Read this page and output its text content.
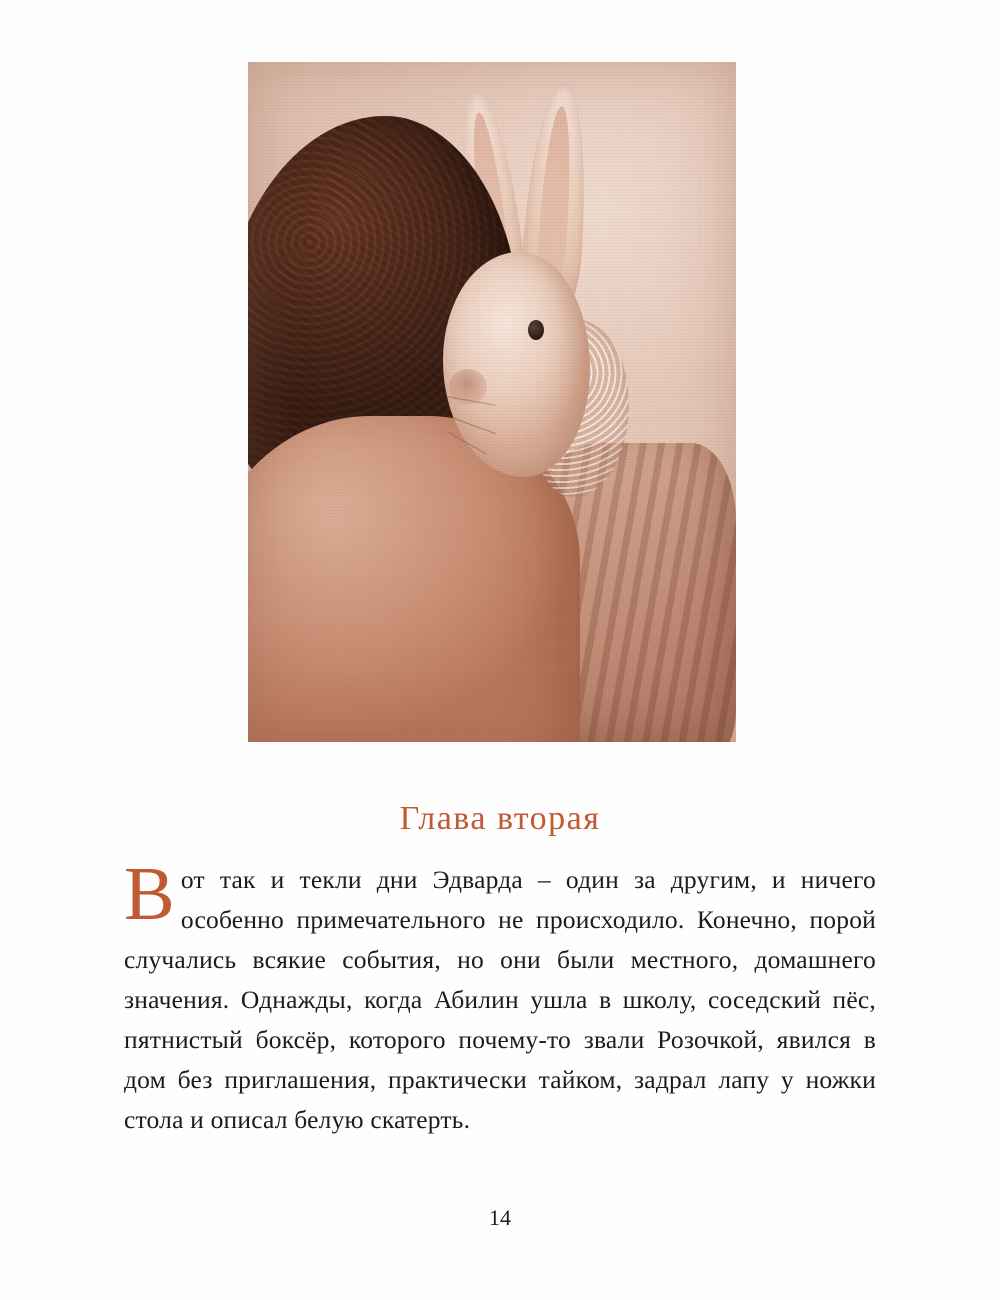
Глава вторая
Вот так и текли дни Эдварда – один за другим, и ничего особенно примечательного не происходило. Конечно, порой случались всякие события, но они были местного, домашнего значения. Однажды, когда Абилин ушла в школу, соседский пёс, пятнистый боксёр, которого почему-то звали Розочкой, явился в дом без приглашения, практически тайком, задрал лапу у ножки стола и описал белую скатерть.
14
